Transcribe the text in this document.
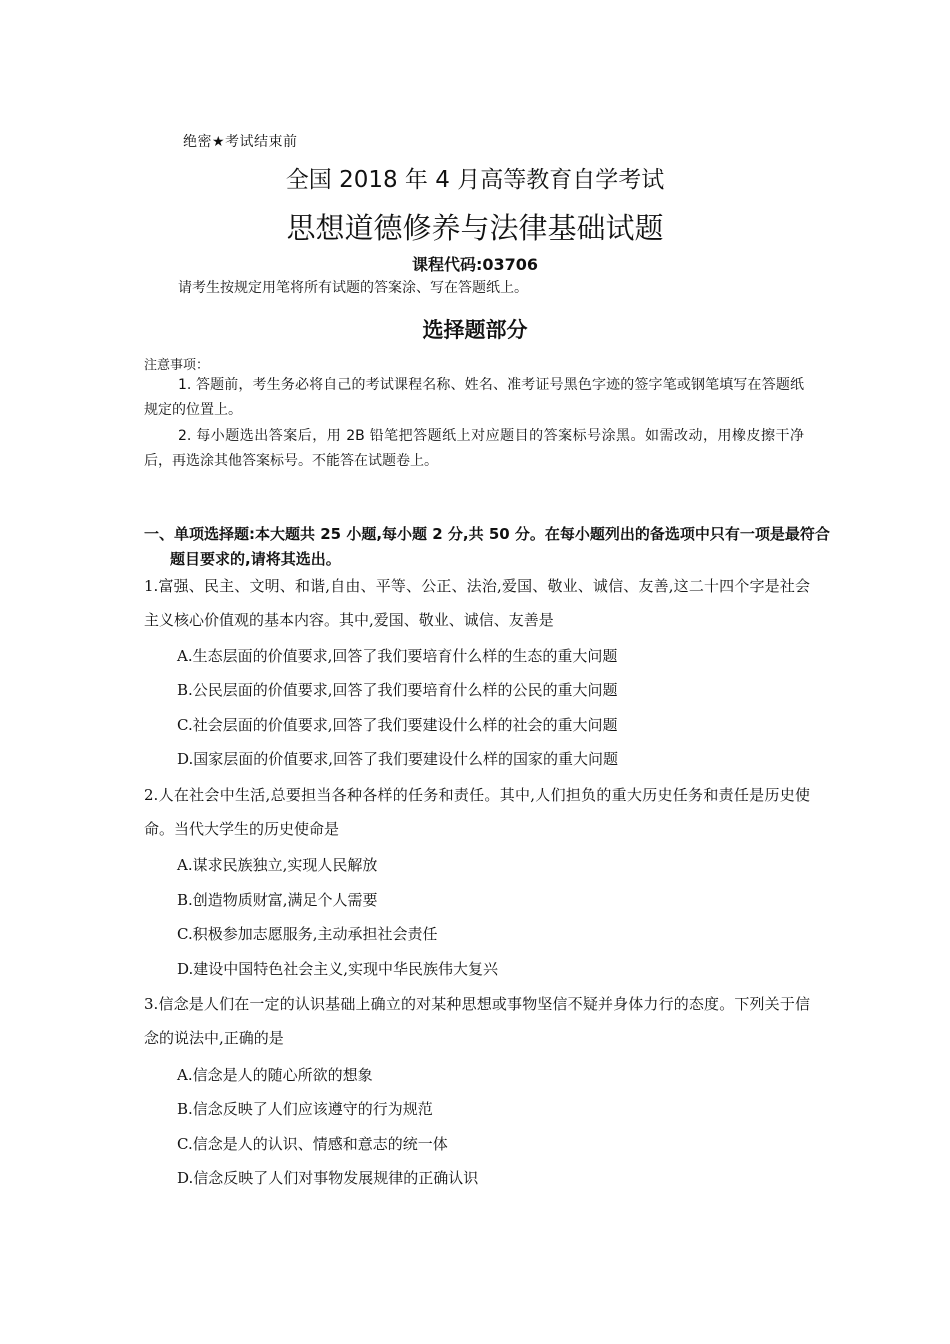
绝密★考试结束前
全国 2018 年 4 月高等教育自学考试
思想道德修养与法律基础试题
课程代码:03706
请考生按规定用笔将所有试题的答案涂、写在答题纸上。
选择题部分
注意事项：

1. 答题前，考生务必将自己的考试课程名称、姓名、准考证号黑色字迹的签字笔或钢笔填写在答题纸规定的位置上。

2. 每小题选出答案后，用 2B 铅笔把答题纸上对应题目的答案标号涂黑。如需改动，用橡皮擦干净后，再选涂其他答案标号。不能答在试题卷上。

一、单项选择题:本大题共 25 小题,每小题 2 分,共 50 分。在每小题列出的备选项中只有一项是最符合题目要求的,请将其选出。

1.富强、民主、文明、和谐,自由、平等、公正、法治,爱国、敬业、诚信、友善,这二十四个字是社会主义核心价值观的基本内容。其中,爱国、敬业、诚信、友善是

A.生态层面的价值要求,回答了我们要培育什么样的生态的重大问题
B.公民层面的价值要求,回答了我们要培育什么样的公民的重大问题
C.社会层面的价值要求,回答了我们要建设什么样的社会的重大问题
D.国家层面的价值要求,回答了我们要建设什么样的国家的重大问题

2.人在社会中生活,总要担当各种各样的任务和责任。其中,人们担负的重大历史任务和责任是历史使命。当代大学生的历史使命是

A.谋求民族独立,实现人民解放
B.创造物质财富,满足个人需要
C.积极参加志愿服务,主动承担社会责任
D.建设中国特色社会主义,实现中华民族伟大复兴

3.信念是人们在一定的认识基础上确立的对某种思想或事物坚信不疑并身体力行的态度。下列关于信念的说法中,正确的是

A.信念是人的随心所欲的想象
B.信念反映了人们应该遵守的行为规范
C.信念是人的认识、情感和意志的统一体
D.信念反映了人们对事物发展规律的正确认识
